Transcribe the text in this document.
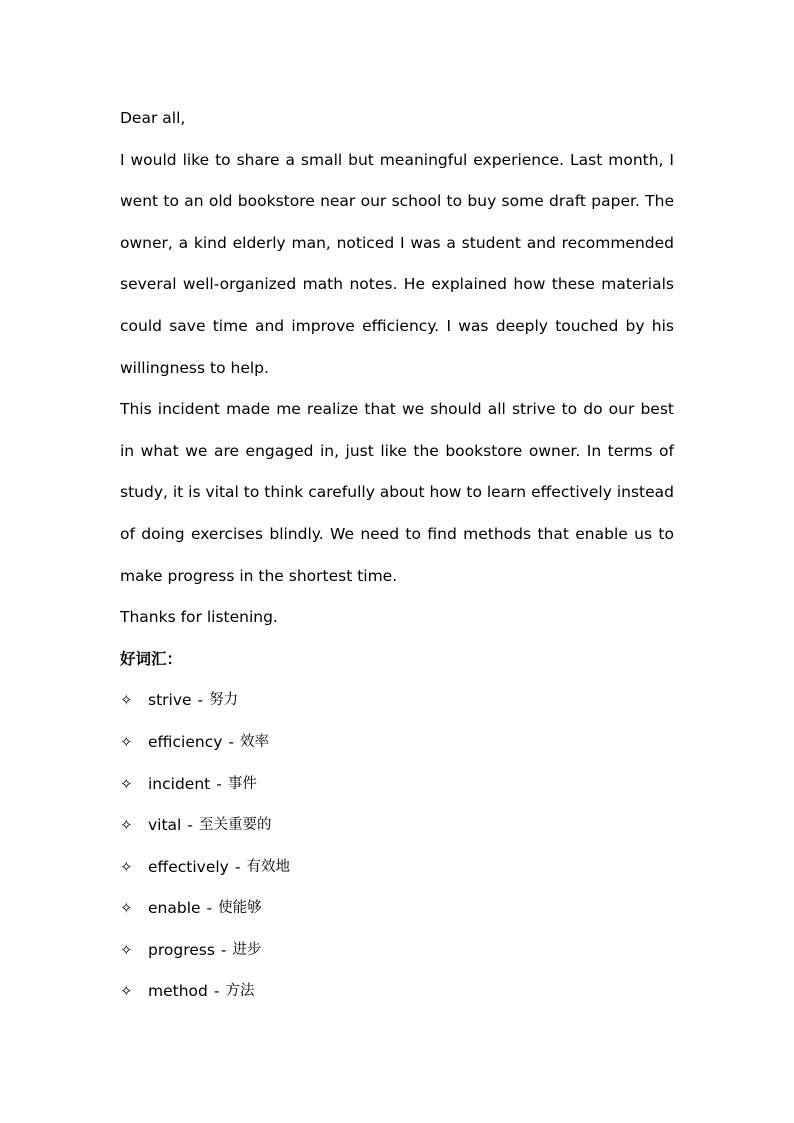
Dear all,

I would like to share a small but meaningful experience. Last month, I went to an old bookstore near our school to buy some draft paper. The owner, a kind elderly man, noticed I was a student and recommended several well-organized math notes. He explained how these materials could save time and improve efficiency. I was deeply touched by his willingness to help.

This incident made me realize that we should all strive to do our best in what we are engaged in, just like the bookstore owner. In terms of study, it is vital to think carefully about how to learn effectively instead of doing exercises blindly. We need to find methods that enable us to make progress in the shortest time.

Thanks for listening.
好词汇：
✧ strive - 努力
✧ efficiency - 效率
✧ incident - 事件
✧ vital - 至关重要的
✧ effectively - 有效地
✧ enable - 使能够
✧ progress - 进步
✧ method - 方法
